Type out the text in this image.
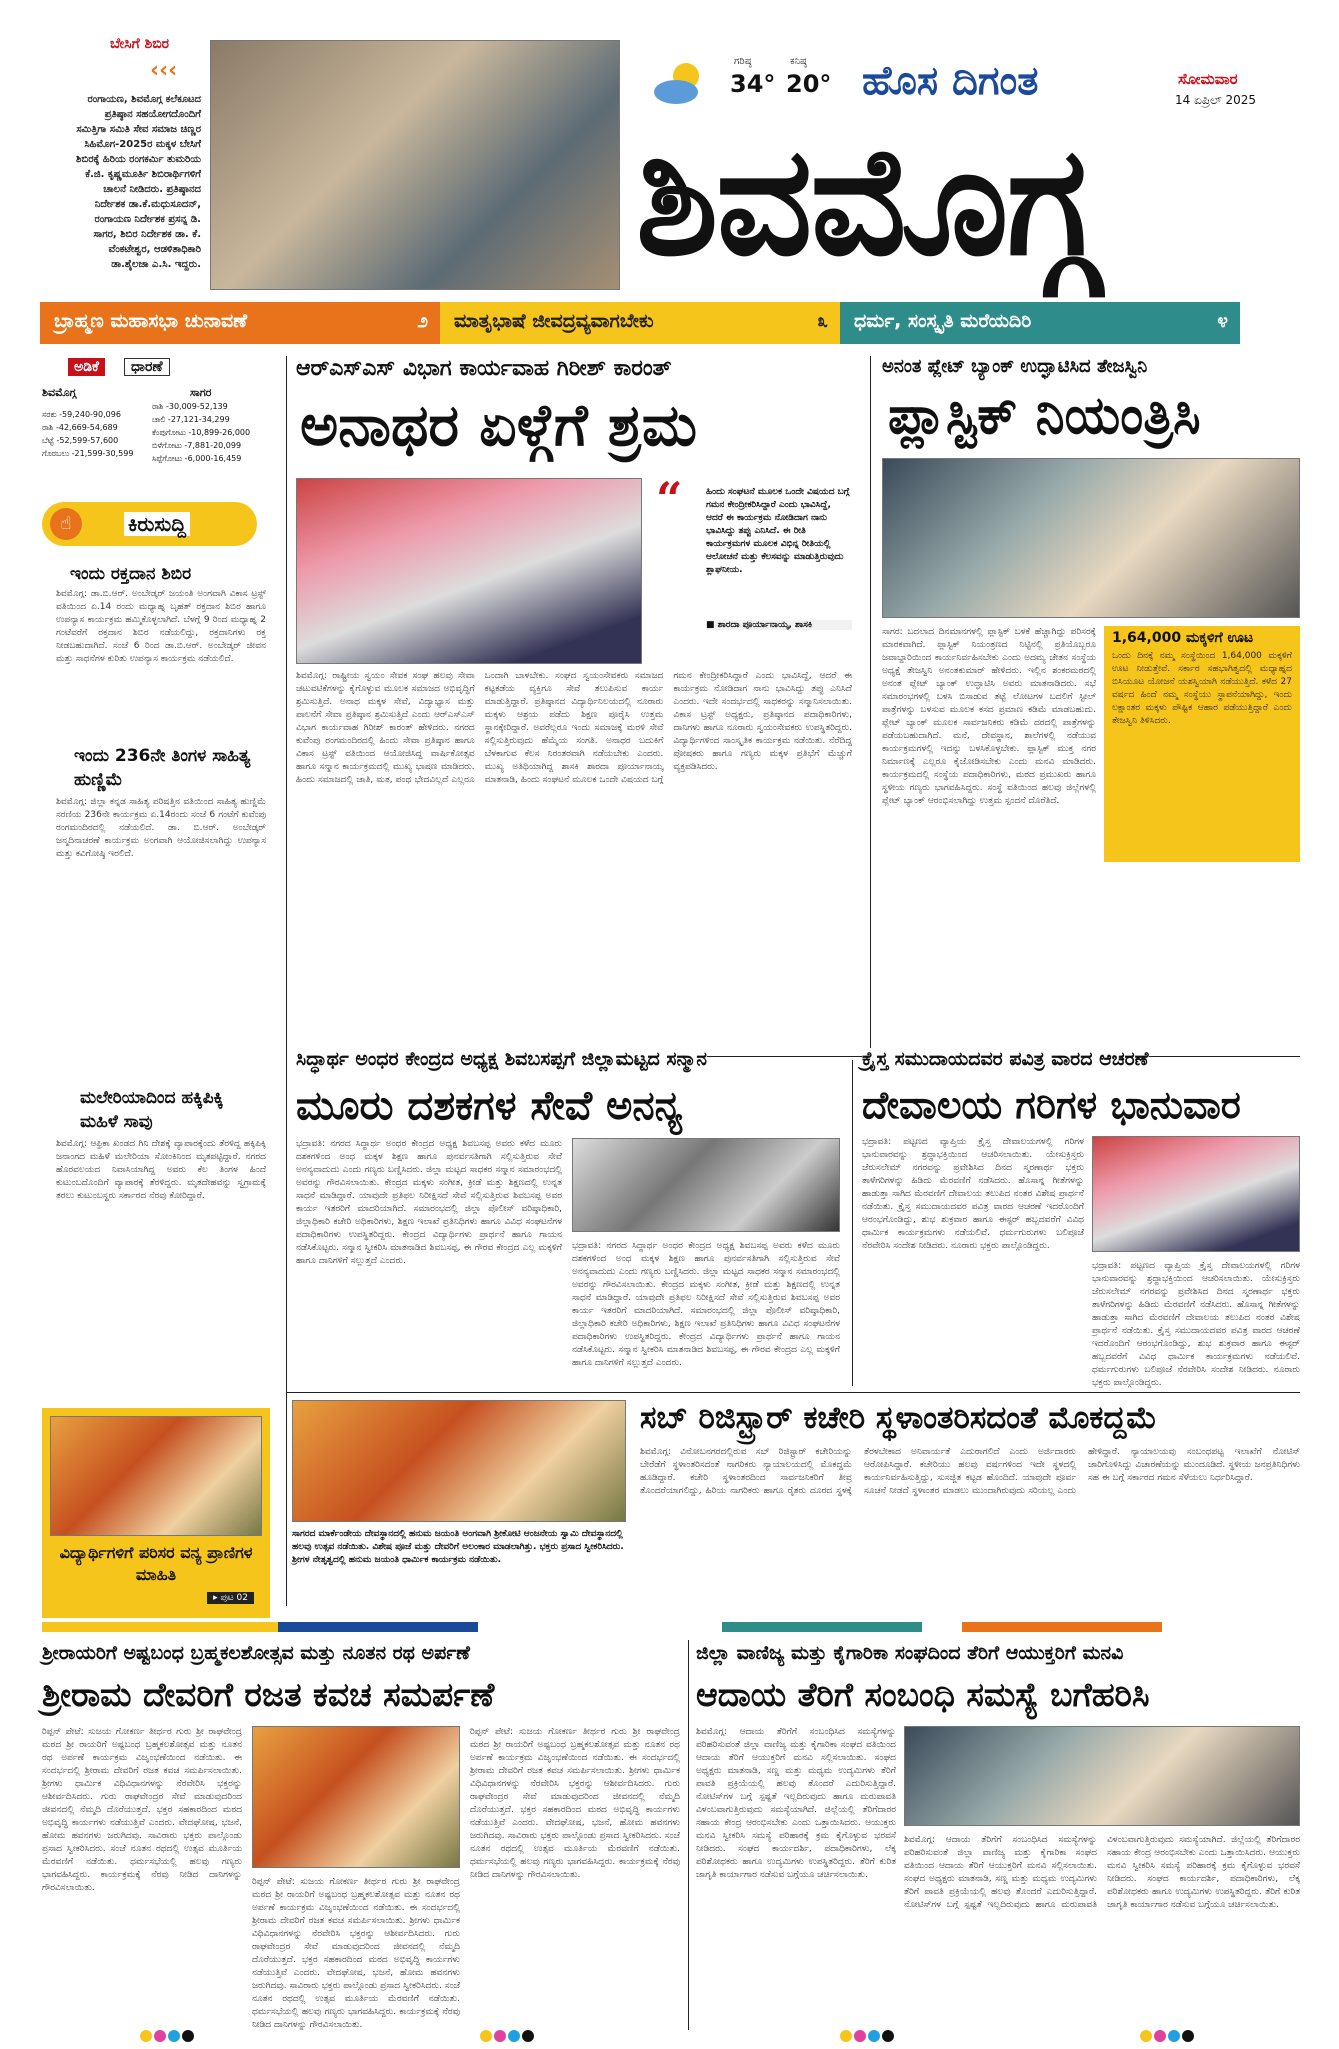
ಬೇಸಿಗೆ ಶಿಬಿರ
‹‹‹
ರಂಗಾಯಣ, ಶಿವಮೊಗ್ಗ ಕಲೆಕೂಟದ ಪ್ರತಿಷ್ಠಾನ ಸಹಯೋಗದೊಂದಿಗೆ ಸಮಿತ್ತಿಗಾ ಸಮಿತಿ ಸೇವ ಸಮಾಜ ಚಿಣ್ಣರ ಸಿಹಿಮೊಗ-2025ರ ಮಕ್ಕಳ ಬೇಸಿಗೆ ಶಿಬಿರಕ್ಕೆ ಹಿರಿಯ ರಂಗಕರ್ಮಿ ತುಮರಿಯ ಕೆ.ಜಿ. ಕೃಷ್ಣಮೂರ್ತಿ ಶಿಬಿರಾರ್ಥಿಗಳಿಗೆ ಚಾಲನೆ ನೀಡಿದರು. ಪ್ರತಿಷ್ಠಾನದ ನಿರ್ದೇಶಕ ಡಾ.ಕೆ.ಮಧುಸೂದನ್, ರಂಗಾಯಣ ನಿರ್ದೇಶಕ ಪ್ರಸನ್ನ ಡಿ. ಸಾಗರ, ಶಿಬಿರ ನಿರ್ದೇಶಕ ಡಾ. ಕೆ. ವೆಂಕಟೇಶ್ವರ, ಆಡಳಿತಾಧಿಕಾರಿ ಡಾ.ಶೈಲಜಾ ಎ.ಸಿ. ಇದ್ದರು.
ಗರಿಷ್ಠ
34°
ಕನಿಷ್ಠ
20° ಹೊಸ ದಿಗಂತ	ಸೋಮವಾರ
14 ಏಪ್ರಿಲ್ 2025
ಶಿವಮೊಗ್ಗ
ಬ್ರಾಹ್ಮಣ ಮಹಾಸಭಾ ಚುನಾವಣೆ	೨ ಮಾತೃಭಾಷೆ ಜೀವದ್ರವ್ಯವಾಗಬೇಕು	೩ ಧರ್ಮ, ಸಂಸ್ಕೃತಿ ಮರೆಯದಿರಿ	೪
ಅಡಿಕೆ	ಧಾರಣೆ
ಶಿವಮೊಗ್ಗ	ಸಾಗರ
ಸರಕು -59,240-90,096
ರಾಶಿ -42,669-54,689
ಬೆಟ್ಟೆ -52,599-57,600
ಗೊರಬಲು -21,599-30,599
ರಾಶಿ -30,009-52,139
ಚಾಲಿ -27,121-34,299
ಕೆಂಪುಗೋಟು -10,899-26,000
ಬಿಳೆಗೋಟು -7,881-20,099
ಸಿಪ್ಪೆಗೋಟು -6,000-16,459
☝	ಕಿರುಸುದ್ದಿ
ಇಂದು ರಕ್ತದಾನ ಶಿಬಿರ
ಶಿವಮೊಗ್ಗ: ಡಾ.ಬಿ.ಆರ್. ಅಂಬೇಡ್ಕರ್ ಜಯಂತಿ ಅಂಗವಾಗಿ ವಿಕಾಸ ಟ್ರಸ್ಟ್ ವತಿಯಿಂದ ಏ.14 ರಂದು ಮಧ್ಯಾಹ್ನ ಬೃಹತ್ ರಕ್ತದಾನ ಶಿಬಿರ ಹಾಗೂ ಉಪನ್ಯಾಸ ಕಾರ್ಯಕ್ರಮ ಹಮ್ಮಿಕೊಳ್ಳಲಾಗಿದೆ. ಬೆಳಗ್ಗೆ 9 ರಿಂದ ಮಧ್ಯಾಹ್ನ 2 ಗಂಟೆವರೆಗೆ ರಕ್ತದಾನ ಶಿಬಿರ ನಡೆಯಲಿದ್ದು, ರಕ್ತದಾನಿಗಳು ರಕ್ತ ನೀಡಬಹುದಾಗಿದೆ. ಸಂಜೆ 6 ರಿಂದ ಡಾ.ಬಿ.ಆರ್. ಅಂಬೇಡ್ಕರ್ ಜೀವನ ಮತ್ತು ಸಾಧನೆಗಳ ಕುರಿತು ಉಪನ್ಯಾಸ ಕಾರ್ಯಕ್ರಮ ನಡೆಯಲಿದೆ.
ಇಂದು 236ನೇ ತಿಂಗಳ ಸಾಹಿತ್ಯ ಹುಣ್ಣಿಮೆ
ಶಿವಮೊಗ್ಗ: ಜಿಲ್ಲಾ ಕನ್ನಡ ಸಾಹಿತ್ಯ ಪರಿಷತ್ತಿನ ವತಿಯಿಂದ ಸಾಹಿತ್ಯ ಹುಣ್ಣಿಮೆ ಸರಣಿಯ 236ನೇ ಕಾರ್ಯಕ್ರಮ ಏ.14ರಂದು ಸಂಜೆ 6 ಗಂಟೆಗೆ ಕುವೆಂಪು ರಂಗಮಂದಿರದಲ್ಲಿ ನಡೆಯಲಿದೆ. ಡಾ. ಬಿ.ಆರ್. ಅಂಬೇಡ್ಕರ್ ಜನ್ಮದಿನಾಚರಣೆ ಕಾರ್ಯಕ್ರಮ ಅಂಗವಾಗಿ ಆಯೋಜಿಸಲಾಗಿದ್ದು ಉಪನ್ಯಾಸ ಮತ್ತು ಕವಿಗೋಷ್ಠಿ ಇರಲಿದೆ.
ಮಲೇರಿಯಾದಿಂದ ಹಕ್ಕಿಪಿಕ್ಕಿ ಮಹಿಳೆ ಸಾವು
ಶಿವಮೊಗ್ಗ: ಆಫ್ರಿಕಾ ಖಂಡದ ಗಿನಿ ದೇಶಕ್ಕೆ ವ್ಯಾಪಾರಕ್ಕೆಂದು ತೆರಳಿದ್ದ ಹಕ್ಕಿಪಿಕ್ಕಿ ಜನಾಂಗದ ಮಹಿಳೆ ಮಲೇರಿಯಾ ಸೋಂಕಿನಿಂದ ಮೃತಪಟ್ಟಿದ್ದಾರೆ. ನಗರದ ಹೊರವಲಯದ ನಿವಾಸಿಯಾಗಿದ್ದ ಅವರು ಕೆಲ ತಿಂಗಳ ಹಿಂದೆ ಕುಟುಂಬದೊಂದಿಗೆ ವ್ಯಾಪಾರಕ್ಕೆ ತೆರಳಿದ್ದರು. ಮೃತದೇಹವನ್ನು ಸ್ವಗ್ರಾಮಕ್ಕೆ ತರಲು ಕುಟುಂಬಸ್ಥರು ಸರ್ಕಾರದ ನೆರವು ಕೋರಿದ್ದಾರೆ.
ವಿದ್ಯಾರ್ಥಿಗಳಿಗೆ ಪರಿಸರ ವನ್ಯ ಪ್ರಾಣಿಗಳ ಮಾಹಿತಿ
▸ ಪುಟ 02
ಆರ್‌ಎಸ್‌ಎಸ್ ವಿಭಾಗ ಕಾರ್ಯವಾಹ ಗಿರೀಶ್ ಕಾರಂತ್
ಅನಾಥರ ಏಳ್ಗೆಗೆ ಶ್ರಮ
“	ಹಿಂದು ಸಂಘಟನೆ ಮೂಲಕ ಒಂದೇ ವಿಷಯದ ಬಗ್ಗೆ ಗಮನ ಕೇಂದ್ರೀಕರಿಸಿದ್ದಾರೆ ಎಂದು ಭಾವಿಸಿದ್ದೆ, ಆದರೆ ಈ ಕಾರ್ಯಕ್ರಮ ನೋಡಿದಾಗ ನಾನು ಭಾವಿಸಿದ್ದು ತಪ್ಪು ಎನಿಸಿದೆ. ಈ ರೀತಿ ಕಾರ್ಯಕ್ರಮಗಳ ಮೂಲಕ ವಿಭಿನ್ನ ರೀತಿಯಲ್ಲಿ ಆಲೋಚನೆ ಮತ್ತು ಕೆಲಸವನ್ನು ಮಾಡುತ್ತಿರುವುದು ಶ್ಲಾಘನೀಯ.
■ ಶಾರದಾ ಪೂರ್ಯಾನಾಯ್ಕ, ಶಾಸಕಿ
ಶಿವಮೊಗ್ಗ: ರಾಷ್ಟ್ರೀಯ ಸ್ವಯಂ ಸೇವಕ ಸಂಘ ಹಲವು ಸೇವಾ ಚಟುವಟಿಕೆಗಳನ್ನು ಕೈಗೊಳ್ಳುವ ಮೂಲಕ ಸಮಾಜದ ಅಭಿವೃದ್ಧಿಗೆ ಶ್ರಮಿಸುತ್ತಿದೆ. ಅನಾಥ ಮಕ್ಕಳ ಸೇವೆ, ವಿದ್ಯಾಭ್ಯಾಸ ಮತ್ತು ಪಾಲನೆಗೆ ಸೇವಾ ಪ್ರತಿಷ್ಠಾನ ಶ್ರಮಿಸುತ್ತಿದೆ ಎಂದು ಆರ್‌ಎಸ್‌ಎಸ್ ವಿಭಾಗ ಕಾರ್ಯವಾಹ ಗಿರೀಶ್ ಕಾರಂತ್ ಹೇಳಿದರು. ನಗರದ ಕುವೆಂಪು ರಂಗಮಂದಿರದಲ್ಲಿ ಹಿಂದು ಸೇವಾ ಪ್ರತಿಷ್ಠಾನ ಹಾಗೂ ವಿಕಾಸ ಟ್ರಸ್ಟ್ ವತಿಯಿಂದ ಆಯೋಜಿಸಿದ್ದ ವಾರ್ಷಿಕೋತ್ಸವ ಹಾಗೂ ಸನ್ಮಾನ ಕಾರ್ಯಕ್ರಮದಲ್ಲಿ ಮುಖ್ಯ ಭಾಷಣ ಮಾಡಿದರು. ಹಿಂದು ಸಮಾಜದಲ್ಲಿ ಜಾತಿ, ಮತ, ಪಂಥ ಭೇದವಿಲ್ಲದೆ ಎಲ್ಲರೂ ಒಂದಾಗಿ ಬಾಳಬೇಕು. ಸಂಘದ ಸ್ವಯಂಸೇವಕರು ಸಮಾಜದ ಕಟ್ಟಕಡೆಯ ವ್ಯಕ್ತಿಗೂ ಸೇವೆ ತಲುಪಿಸುವ ಕಾರ್ಯ ಮಾಡುತ್ತಿದ್ದಾರೆ. ಪ್ರತಿಷ್ಠಾನದ ವಿದ್ಯಾರ್ಥಿನಿಲಯದಲ್ಲಿ ನೂರಾರು ಮಕ್ಕಳು ಆಶ್ರಯ ಪಡೆದು ಶಿಕ್ಷಣ ಪೂರೈಸಿ ಉತ್ತಮ ಸ್ಥಾನಕ್ಕೇರಿದ್ದಾರೆ. ಅವರೆಲ್ಲರೂ ಇಂದು ಸಮಾಜಕ್ಕೆ ಮರಳಿ ಸೇವೆ ಸಲ್ಲಿಸುತ್ತಿರುವುದು ಹೆಮ್ಮೆಯ ಸಂಗತಿ. ಅನಾಥರ ಬದುಕಿಗೆ ಬೆಳಕಾಗುವ ಕೆಲಸ ನಿರಂತರವಾಗಿ ನಡೆಯಬೇಕು ಎಂದರು. ಮುಖ್ಯ ಅತಿಥಿಯಾಗಿದ್ದ ಶಾಸಕಿ ಶಾರದಾ ಪೂರ್ಯಾನಾಯ್ಕ ಮಾತನಾಡಿ, ಹಿಂದು ಸಂಘಟನೆ ಮೂಲಕ ಒಂದೇ ವಿಷಯದ ಬಗ್ಗೆ ಗಮನ ಕೇಂದ್ರೀಕರಿಸಿದ್ದಾರೆ ಎಂದು ಭಾವಿಸಿದ್ದೆ, ಆದರೆ ಈ ಕಾರ್ಯಕ್ರಮ ನೋಡಿದಾಗ ನಾನು ಭಾವಿಸಿದ್ದು ತಪ್ಪು ಎನಿಸಿದೆ ಎಂದರು. ಇದೇ ಸಂದರ್ಭದಲ್ಲಿ ಸಾಧಕರನ್ನು ಸನ್ಮಾನಿಸಲಾಯಿತು. ವಿಕಾಸ ಟ್ರಸ್ಟ್ ಅಧ್ಯಕ್ಷರು, ಪ್ರತಿಷ್ಠಾನದ ಪದಾಧಿಕಾರಿಗಳು, ದಾನಿಗಳು ಹಾಗೂ ನೂರಾರು ಸ್ವಯಂಸೇವಕರು ಉಪಸ್ಥಿತರಿದ್ದರು. ವಿದ್ಯಾರ್ಥಿಗಳಿಂದ ಸಾಂಸ್ಕೃತಿಕ ಕಾರ್ಯಕ್ರಮ ನಡೆಯಿತು. ನೆರೆದಿದ್ದ ಪೋಷಕರು ಹಾಗೂ ಗಣ್ಯರು ಮಕ್ಕಳ ಪ್ರತಿಭೆಗೆ ಮೆಚ್ಚುಗೆ ವ್ಯಕ್ತಪಡಿಸಿದರು.
ಅನಂತ ಪ್ಲೇಟ್ ಬ್ಯಾಂಕ್ ಉದ್ಘಾಟಿಸಿದ ತೇಜಸ್ವಿನಿ
ಪ್ಲಾಸ್ಟಿಕ್ ನಿಯಂತ್ರಿಸಿ
1,64,000 ಮಕ್ಕಳಿಗೆ ಊಟ
ಒಂದು ದಿನಕ್ಕೆ ನಮ್ಮ ಸಂಸ್ಥೆಯಿಂದ 1,64,000 ಮಕ್ಕಳಿಗೆ ಊಟ ನೀಡುತ್ತೇವೆ. ಸರ್ಕಾರ ಸಹಭಾಗಿತ್ವದಲ್ಲಿ ಮಧ್ಯಾಹ್ನದ ಬಿಸಿಯೂಟ ಯೋಜನೆ ಯಶಸ್ವಿಯಾಗಿ ನಡೆಯುತ್ತಿದೆ. ಕಳೆದ 27 ವರ್ಷದ ಹಿಂದೆ ನಮ್ಮ ಸಂಸ್ಥೆಯು ಸ್ಥಾಪನೆಯಾಗಿದ್ದು, ಇಂದು ಲಕ್ಷಾಂತರ ಮಕ್ಕಳು ಪೌಷ್ಟಿಕ ಆಹಾರ ಪಡೆಯುತ್ತಿದ್ದಾರೆ ಎಂದು ತೇಜಸ್ವಿನಿ ತಿಳಿಸಿದರು.
ಸಾಗರ: ಬದಲಾದ ದಿನಮಾನಗಳಲ್ಲಿ ಪ್ಲಾಸ್ಟಿಕ್ ಬಳಕೆ ಹೆಚ್ಚಾಗಿದ್ದು ಪರಿಸರಕ್ಕೆ ಮಾರಕವಾಗಿದೆ. ಪ್ಲಾಸ್ಟಿಕ್ ನಿಯಂತ್ರಣದ ನಿಟ್ಟಿನಲ್ಲಿ ಪ್ರತಿಯೊಬ್ಬರೂ ಜವಾಬ್ದಾರಿಯಿಂದ ಕಾರ್ಯನಿರ್ವಹಿಸಬೇಕು ಎಂದು ಅದಮ್ಯ ಚೇತನ ಸಂಸ್ಥೆಯ ಅಧ್ಯಕ್ಷೆ ತೇಜಸ್ವಿನಿ ಅನಂತಕುಮಾರ್ ಹೇಳಿದರು. ಇಲ್ಲಿನ ಶಂಕರಮಠದಲ್ಲಿ ಅನಂತ ಪ್ಲೇಟ್ ಬ್ಯಾಂಕ್ ಉದ್ಘಾಟಿಸಿ ಅವರು ಮಾತನಾಡಿದರು. ಸಭೆ ಸಮಾರಂಭಗಳಲ್ಲಿ ಬಳಸಿ ಬಿಸಾಡುವ ತಟ್ಟೆ ಲೋಟಗಳ ಬದಲಿಗೆ ಸ್ಟೀಲ್ ಪಾತ್ರೆಗಳನ್ನು ಬಳಸುವ ಮೂಲಕ ಕಸದ ಪ್ರಮಾಣ ಕಡಿಮೆ ಮಾಡಬಹುದು. ಪ್ಲೇಟ್ ಬ್ಯಾಂಕ್ ಮೂಲಕ ಸಾರ್ವಜನಿಕರು ಕಡಿಮೆ ದರದಲ್ಲಿ ಪಾತ್ರೆಗಳನ್ನು ಪಡೆಯಬಹುದಾಗಿದೆ. ಮನೆ, ದೇವಸ್ಥಾನ, ಶಾಲೆಗಳಲ್ಲಿ ನಡೆಯುವ ಕಾರ್ಯಕ್ರಮಗಳಲ್ಲಿ ಇದನ್ನು ಬಳಸಿಕೊಳ್ಳಬೇಕು. ಪ್ಲಾಸ್ಟಿಕ್ ಮುಕ್ತ ನಗರ ನಿರ್ಮಾಣಕ್ಕೆ ಎಲ್ಲರೂ ಕೈಜೋಡಿಸಬೇಕು ಎಂದು ಮನವಿ ಮಾಡಿದರು. ಕಾರ್ಯಕ್ರಮದಲ್ಲಿ ಸಂಸ್ಥೆಯ ಪದಾಧಿಕಾರಿಗಳು, ಮಠದ ಪ್ರಮುಖರು ಹಾಗೂ ಸ್ಥಳೀಯ ಗಣ್ಯರು ಭಾಗವಹಿಸಿದ್ದರು. ಸಂಸ್ಥೆ ವತಿಯಿಂದ ಹಲವು ಜಿಲ್ಲೆಗಳಲ್ಲಿ ಪ್ಲೇಟ್ ಬ್ಯಾಂಕ್ ಆರಂಭಿಸಲಾಗಿದ್ದು ಉತ್ತಮ ಸ್ಪಂದನೆ ದೊರೆತಿದೆ.
ಸಿದ್ಧಾರ್ಥ ಅಂಧರ ಕೇಂದ್ರದ ಅಧ್ಯಕ್ಷ ಶಿವಬಸಪ್ಪಗೆ ಜಿಲ್ಲಾಮಟ್ಟದ ಸನ್ಮಾನ
ಮೂರು ದಶಕಗಳ ಸೇವೆ ಅನನ್ಯ
ಭದ್ರಾವತಿ: ನಗರದ ಸಿದ್ಧಾರ್ಥ ಅಂಧರ ಕೇಂದ್ರದ ಅಧ್ಯಕ್ಷ ಶಿವಬಸಪ್ಪ ಅವರು ಕಳೆದ ಮೂರು ದಶಕಗಳಿಂದ ಅಂಧ ಮಕ್ಕಳ ಶಿಕ್ಷಣ ಹಾಗೂ ಪುನರ್ವಸತಿಗಾಗಿ ಸಲ್ಲಿಸುತ್ತಿರುವ ಸೇವೆ ಅನನ್ಯವಾದುದು ಎಂದು ಗಣ್ಯರು ಬಣ್ಣಿಸಿದರು. ಜಿಲ್ಲಾ ಮಟ್ಟದ ಸಾಧಕರ ಸನ್ಮಾನ ಸಮಾರಂಭದಲ್ಲಿ ಅವರನ್ನು ಗೌರವಿಸಲಾಯಿತು. ಕೇಂದ್ರದ ಮಕ್ಕಳು ಸಂಗೀತ, ಕ್ರೀಡೆ ಮತ್ತು ಶಿಕ್ಷಣದಲ್ಲಿ ಉನ್ನತ ಸಾಧನೆ ಮಾಡಿದ್ದಾರೆ. ಯಾವುದೇ ಪ್ರತಿಫಲ ನಿರೀಕ್ಷಿಸದೆ ಸೇವೆ ಸಲ್ಲಿಸುತ್ತಿರುವ ಶಿವಬಸಪ್ಪ ಅವರ ಕಾರ್ಯ ಇತರರಿಗೆ ಮಾದರಿಯಾಗಿದೆ. ಸಮಾರಂಭದಲ್ಲಿ ಜಿಲ್ಲಾ ಪೊಲೀಸ್ ವರಿಷ್ಠಾಧಿಕಾರಿ, ಜಿಲ್ಲಾಧಿಕಾರಿ ಕಚೇರಿ ಅಧಿಕಾರಿಗಳು, ಶಿಕ್ಷಣ ಇಲಾಖೆ ಪ್ರತಿನಿಧಿಗಳು ಹಾಗೂ ವಿವಿಧ ಸಂಘಟನೆಗಳ ಪದಾಧಿಕಾರಿಗಳು ಉಪಸ್ಥಿತರಿದ್ದರು. ಕೇಂದ್ರದ ವಿದ್ಯಾರ್ಥಿಗಳು ಪ್ರಾರ್ಥನೆ ಹಾಗೂ ಗಾಯನ ನಡೆಸಿಕೊಟ್ಟರು. ಸನ್ಮಾನ ಸ್ವೀಕರಿಸಿ ಮಾತನಾಡಿದ ಶಿವಬಸಪ್ಪ, ಈ ಗೌರವ ಕೇಂದ್ರದ ಎಲ್ಲ ಮಕ್ಕಳಿಗೆ ಹಾಗೂ ದಾನಿಗಳಿಗೆ ಸಲ್ಲುತ್ತದೆ ಎಂದರು.
ಭದ್ರಾವತಿ: ನಗರದ ಸಿದ್ಧಾರ್ಥ ಅಂಧರ ಕೇಂದ್ರದ ಅಧ್ಯಕ್ಷ ಶಿವಬಸಪ್ಪ ಅವರು ಕಳೆದ ಮೂರು ದಶಕಗಳಿಂದ ಅಂಧ ಮಕ್ಕಳ ಶಿಕ್ಷಣ ಹಾಗೂ ಪುನರ್ವಸತಿಗಾಗಿ ಸಲ್ಲಿಸುತ್ತಿರುವ ಸೇವೆ ಅನನ್ಯವಾದುದು ಎಂದು ಗಣ್ಯರು ಬಣ್ಣಿಸಿದರು. ಜಿಲ್ಲಾ ಮಟ್ಟದ ಸಾಧಕರ ಸನ್ಮಾನ ಸಮಾರಂಭದಲ್ಲಿ ಅವರನ್ನು ಗೌರವಿಸಲಾಯಿತು. ಕೇಂದ್ರದ ಮಕ್ಕಳು ಸಂಗೀತ, ಕ್ರೀಡೆ ಮತ್ತು ಶಿಕ್ಷಣದಲ್ಲಿ ಉನ್ನತ ಸಾಧನೆ ಮಾಡಿದ್ದಾರೆ. ಯಾವುದೇ ಪ್ರತಿಫಲ ನಿರೀಕ್ಷಿಸದೆ ಸೇವೆ ಸಲ್ಲಿಸುತ್ತಿರುವ ಶಿವಬಸಪ್ಪ ಅವರ ಕಾರ್ಯ ಇತರರಿಗೆ ಮಾದರಿಯಾಗಿದೆ. ಸಮಾರಂಭದಲ್ಲಿ ಜಿಲ್ಲಾ ಪೊಲೀಸ್ ವರಿಷ್ಠಾಧಿಕಾರಿ, ಜಿಲ್ಲಾಧಿಕಾರಿ ಕಚೇರಿ ಅಧಿಕಾರಿಗಳು, ಶಿಕ್ಷಣ ಇಲಾಖೆ ಪ್ರತಿನಿಧಿಗಳು ಹಾಗೂ ವಿವಿಧ ಸಂಘಟನೆಗಳ ಪದಾಧಿಕಾರಿಗಳು ಉಪಸ್ಥಿತರಿದ್ದರು. ಕೇಂದ್ರದ ವಿದ್ಯಾರ್ಥಿಗಳು ಪ್ರಾರ್ಥನೆ ಹಾಗೂ ಗಾಯನ ನಡೆಸಿಕೊಟ್ಟರು. ಸನ್ಮಾನ ಸ್ವೀಕರಿಸಿ ಮಾತನಾಡಿದ ಶಿವಬಸಪ್ಪ, ಈ ಗೌರವ ಕೇಂದ್ರದ ಎಲ್ಲ ಮಕ್ಕಳಿಗೆ ಹಾಗೂ ದಾನಿಗಳಿಗೆ ಸಲ್ಲುತ್ತದೆ ಎಂದರು.
ಕ್ರೈಸ್ತ ಸಮುದಾಯದವರ ಪವಿತ್ರ ವಾರದ ಆಚರಣೆ
ದೇವಾಲಯ ಗರಿಗಳ ಭಾನುವಾರ
ಭದ್ರಾವತಿ: ಪಟ್ಟಣದ ವ್ಯಾಪ್ತಿಯ ಕ್ರೈಸ್ತ ದೇವಾಲಯಗಳಲ್ಲಿ ಗರಿಗಳ ಭಾನುವಾರವನ್ನು ಶ್ರದ್ಧಾಭಕ್ತಿಯಿಂದ ಆಚರಿಸಲಾಯಿತು. ಯೇಸುಕ್ರಿಸ್ತರು ಜೆರುಸಲೇಮ್ ನಗರವನ್ನು ಪ್ರವೇಶಿಸಿದ ದಿನದ ಸ್ಮರಣಾರ್ಥ ಭಕ್ತರು ತಾಳೆಗರಿಗಳನ್ನು ಹಿಡಿದು ಮೆರವಣಿಗೆ ನಡೆಸಿದರು. ಹೊಸಾನ್ನ ಗೀತೆಗಳನ್ನು ಹಾಡುತ್ತಾ ಸಾಗಿದ ಮೆರವಣಿಗೆ ದೇವಾಲಯ ತಲುಪಿದ ನಂತರ ವಿಶೇಷ ಪ್ರಾರ್ಥನೆ ನಡೆಯಿತು. ಕ್ರೈಸ್ತ ಸಮುದಾಯದವರ ಪವಿತ್ರ ವಾರದ ಆಚರಣೆ ಇದರೊಂದಿಗೆ ಆರಂಭಗೊಂಡಿದ್ದು, ಶುಭ ಶುಕ್ರವಾರ ಹಾಗೂ ಈಸ್ಟರ್ ಹಬ್ಬದವರೆಗೆ ವಿವಿಧ ಧಾರ್ಮಿಕ ಕಾರ್ಯಕ್ರಮಗಳು ನಡೆಯಲಿವೆ. ಧರ್ಮಗುರುಗಳು ಬಲಿಪೂಜೆ ನೆರವೇರಿಸಿ ಸಂದೇಶ ನೀಡಿದರು. ನೂರಾರು ಭಕ್ತರು ಪಾಲ್ಗೊಂಡಿದ್ದರು.
ಭದ್ರಾವತಿ: ಪಟ್ಟಣದ ವ್ಯಾಪ್ತಿಯ ಕ್ರೈಸ್ತ ದೇವಾಲಯಗಳಲ್ಲಿ ಗರಿಗಳ ಭಾನುವಾರವನ್ನು ಶ್ರದ್ಧಾಭಕ್ತಿಯಿಂದ ಆಚರಿಸಲಾಯಿತು. ಯೇಸುಕ್ರಿಸ್ತರು ಜೆರುಸಲೇಮ್ ನಗರವನ್ನು ಪ್ರವೇಶಿಸಿದ ದಿನದ ಸ್ಮರಣಾರ್ಥ ಭಕ್ತರು ತಾಳೆಗರಿಗಳನ್ನು ಹಿಡಿದು ಮೆರವಣಿಗೆ ನಡೆಸಿದರು. ಹೊಸಾನ್ನ ಗೀತೆಗಳನ್ನು ಹಾಡುತ್ತಾ ಸಾಗಿದ ಮೆರವಣಿಗೆ ದೇವಾಲಯ ತಲುಪಿದ ನಂತರ ವಿಶೇಷ ಪ್ರಾರ್ಥನೆ ನಡೆಯಿತು. ಕ್ರೈಸ್ತ ಸಮುದಾಯದವರ ಪವಿತ್ರ ವಾರದ ಆಚರಣೆ ಇದರೊಂದಿಗೆ ಆರಂಭಗೊಂಡಿದ್ದು, ಶುಭ ಶುಕ್ರವಾರ ಹಾಗೂ ಈಸ್ಟರ್ ಹಬ್ಬದವರೆಗೆ ವಿವಿಧ ಧಾರ್ಮಿಕ ಕಾರ್ಯಕ್ರಮಗಳು ನಡೆಯಲಿವೆ. ಧರ್ಮಗುರುಗಳು ಬಲಿಪೂಜೆ ನೆರವೇರಿಸಿ ಸಂದೇಶ ನೀಡಿದರು. ನೂರಾರು ಭಕ್ತರು ಪಾಲ್ಗೊಂಡಿದ್ದರು.
ಸಾಗರದ ಮಾರ್ಕೆಂಡೇಯ ದೇವಸ್ಥಾನದಲ್ಲಿ ಹನುಮ ಜಯಂತಿ ಅಂಗವಾಗಿ ಶ್ರೀಕೋಟಿ ಆಂಜನೇಯ ಸ್ವಾಮಿ ದೇವಸ್ಥಾನದಲ್ಲಿ ಹಲವು ಉತ್ಸವ ನಡೆಯಿತು. ವಿಶೇಷ ಪೂಜೆ ಮತ್ತು ದೇವರಿಗೆ ಅಲಂಕಾರ ಮಾಡಲಾಗಿತ್ತು. ಭಕ್ತರು ಪ್ರಸಾದ ಸ್ವೀಕರಿಸಿದರು. ಶ್ರೀಗಳ ನೇತೃತ್ವದಲ್ಲಿ ಹನುಮ ಜಯಂತಿ ಧಾರ್ಮಿಕ ಕಾರ್ಯಕ್ರಮ ನಡೆಯಿತು.
ಸಬ್ ರಿಜಿಸ್ಟ್ರಾರ್ ಕಚೇರಿ ಸ್ಥಳಾಂತರಿಸದಂತೆ ಮೊಕದ್ದಮೆ
ಶಿವಮೊಗ್ಗ: ವಿನೋಬನಗರದಲ್ಲಿರುವ ಸಬ್ ರಿಜಿಸ್ಟ್ರಾರ್ ಕಚೇರಿಯನ್ನು ಬೇರೆಡೆಗೆ ಸ್ಥಳಾಂತರಿಸದಂತೆ ನಾಗರಿಕರು ನ್ಯಾಯಾಲಯದಲ್ಲಿ ಮೊಕದ್ದಮೆ ಹೂಡಿದ್ದಾರೆ. ಕಚೇರಿ ಸ್ಥಳಾಂತರದಿಂದ ಸಾರ್ವಜನಿಕರಿಗೆ ತೀವ್ರ ತೊಂದರೆಯಾಗಲಿದ್ದು, ಹಿರಿಯ ನಾಗರಿಕರು ಹಾಗೂ ರೈತರು ದೂರದ ಸ್ಥಳಕ್ಕೆ ತೆರಳಬೇಕಾದ ಅನಿವಾರ್ಯತೆ ಎದುರಾಗಲಿದೆ ಎಂದು ಅರ್ಜಿದಾರರು ಆರೋಪಿಸಿದ್ದಾರೆ. ಕಚೇರಿಯು ಹಲವು ವರ್ಷಗಳಿಂದ ಇದೇ ಸ್ಥಳದಲ್ಲಿ ಕಾರ್ಯನಿರ್ವಹಿಸುತ್ತಿದ್ದು, ಸುಸಜ್ಜಿತ ಕಟ್ಟಡ ಹೊಂದಿದೆ. ಯಾವುದೇ ಪೂರ್ವ ಸೂಚನೆ ನೀಡದೆ ಸ್ಥಳಾಂತರ ಮಾಡಲು ಮುಂದಾಗಿರುವುದು ಸರಿಯಲ್ಲ ಎಂದು ಹೇಳಿದ್ದಾರೆ. ನ್ಯಾಯಾಲಯವು ಸಂಬಂಧಪಟ್ಟ ಇಲಾಖೆಗೆ ನೋಟಿಸ್ ಜಾರಿಗೊಳಿಸಿದ್ದು ವಿಚಾರಣೆಯನ್ನು ಮುಂದೂಡಿದೆ. ಸ್ಥಳೀಯ ಜನಪ್ರತಿನಿಧಿಗಳು ಸಹ ಈ ಬಗ್ಗೆ ಸರ್ಕಾರದ ಗಮನ ಸೆಳೆಯಲು ನಿರ್ಧರಿಸಿದ್ದಾರೆ.
ಶ್ರೀರಾಯರಿಗೆ ಅಷ್ಟಬಂಧ ಬ್ರಹ್ಮಕಲಶೋತ್ಸವ ಮತ್ತು ನೂತನ ರಥ ಅರ್ಪಣೆ
ಶ್ರೀರಾಮ ದೇವರಿಗೆ ರಜತ ಕವಚ ಸಮರ್ಪಣೆ
ರಿಪ್ಪನ್ ಪೇಟೆ: ಸುಜಯ ಗೋಕರ್ಣ ತೀರ್ಥರ ಗುರು ಶ್ರೀ ರಾಘವೇಂದ್ರ ಮಠದ ಶ್ರೀ ರಾಯರಿಗೆ ಅಷ್ಟಬಂಧ ಬ್ರಹ್ಮಕಲಶೋತ್ಸವ ಮತ್ತು ನೂತನ ರಥ ಅರ್ಪಣೆ ಕಾರ್ಯಕ್ರಮ ವಿಜೃಂಭಣೆಯಿಂದ ನಡೆಯಿತು. ಈ ಸಂದರ್ಭದಲ್ಲಿ ಶ್ರೀರಾಮ ದೇವರಿಗೆ ರಜತ ಕವಚ ಸಮರ್ಪಿಸಲಾಯಿತು. ಶ್ರೀಗಳು ಧಾರ್ಮಿಕ ವಿಧಿವಿಧಾನಗಳನ್ನು ನೆರವೇರಿಸಿ ಭಕ್ತರನ್ನು ಆಶೀರ್ವದಿಸಿದರು. ಗುರು ರಾಘವೇಂದ್ರರ ಸೇವೆ ಮಾಡುವುದರಿಂದ ಜೀವನದಲ್ಲಿ ನೆಮ್ಮದಿ ದೊರೆಯುತ್ತದೆ. ಭಕ್ತರ ಸಹಕಾರದಿಂದ ಮಠದ ಅಭಿವೃದ್ಧಿ ಕಾರ್ಯಗಳು ನಡೆಯುತ್ತಿವೆ ಎಂದರು. ವೇದಘೋಷ, ಭಜನೆ, ಹೋಮ ಹವನಗಳು ಜರುಗಿದವು. ಸಾವಿರಾರು ಭಕ್ತರು ಪಾಲ್ಗೊಂಡು ಪ್ರಸಾದ ಸ್ವೀಕರಿಸಿದರು. ಸಂಜೆ ನೂತನ ರಥದಲ್ಲಿ ಉತ್ಸವ ಮೂರ್ತಿಯ ಮೆರವಣಿಗೆ ನಡೆಯಿತು. ಧರ್ಮಸಭೆಯಲ್ಲಿ ಹಲವು ಗಣ್ಯರು ಭಾಗವಹಿಸಿದ್ದರು. ಕಾರ್ಯಕ್ರಮಕ್ಕೆ ನೆರವು ನೀಡಿದ ದಾನಿಗಳನ್ನು ಗೌರವಿಸಲಾಯಿತು.
ರಿಪ್ಪನ್ ಪೇಟೆ: ಸುಜಯ ಗೋಕರ್ಣ ತೀರ್ಥರ ಗುರು ಶ್ರೀ ರಾಘವೇಂದ್ರ ಮಠದ ಶ್ರೀ ರಾಯರಿಗೆ ಅಷ್ಟಬಂಧ ಬ್ರಹ್ಮಕಲಶೋತ್ಸವ ಮತ್ತು ನೂತನ ರಥ ಅರ್ಪಣೆ ಕಾರ್ಯಕ್ರಮ ವಿಜೃಂಭಣೆಯಿಂದ ನಡೆಯಿತು. ಈ ಸಂದರ್ಭದಲ್ಲಿ ಶ್ರೀರಾಮ ದೇವರಿಗೆ ರಜತ ಕವಚ ಸಮರ್ಪಿಸಲಾಯಿತು. ಶ್ರೀಗಳು ಧಾರ್ಮಿಕ ವಿಧಿವಿಧಾನಗಳನ್ನು ನೆರವೇರಿಸಿ ಭಕ್ತರನ್ನು ಆಶೀರ್ವದಿಸಿದರು. ಗುರು ರಾಘವೇಂದ್ರರ ಸೇವೆ ಮಾಡುವುದರಿಂದ ಜೀವನದಲ್ಲಿ ನೆಮ್ಮದಿ ದೊರೆಯುತ್ತದೆ. ಭಕ್ತರ ಸಹಕಾರದಿಂದ ಮಠದ ಅಭಿವೃದ್ಧಿ ಕಾರ್ಯಗಳು ನಡೆಯುತ್ತಿವೆ ಎಂದರು. ವೇದಘೋಷ, ಭಜನೆ, ಹೋಮ ಹವನಗಳು ಜರುಗಿದವು. ಸಾವಿರಾರು ಭಕ್ತರು ಪಾಲ್ಗೊಂಡು ಪ್ರಸಾದ ಸ್ವೀಕರಿಸಿದರು. ಸಂಜೆ ನೂತನ ರಥದಲ್ಲಿ ಉತ್ಸವ ಮೂರ್ತಿಯ ಮೆರವಣಿಗೆ ನಡೆಯಿತು. ಧರ್ಮಸಭೆಯಲ್ಲಿ ಹಲವು ಗಣ್ಯರು ಭಾಗವಹಿಸಿದ್ದರು. ಕಾರ್ಯಕ್ರಮಕ್ಕೆ ನೆರವು ನೀಡಿದ ದಾನಿಗಳನ್ನು ಗೌರವಿಸಲಾಯಿತು.
ರಿಪ್ಪನ್ ಪೇಟೆ: ಸುಜಯ ಗೋಕರ್ಣ ತೀರ್ಥರ ಗುರು ಶ್ರೀ ರಾಘವೇಂದ್ರ ಮಠದ ಶ್ರೀ ರಾಯರಿಗೆ ಅಷ್ಟಬಂಧ ಬ್ರಹ್ಮಕಲಶೋತ್ಸವ ಮತ್ತು ನೂತನ ರಥ ಅರ್ಪಣೆ ಕಾರ್ಯಕ್ರಮ ವಿಜೃಂಭಣೆಯಿಂದ ನಡೆಯಿತು. ಈ ಸಂದರ್ಭದಲ್ಲಿ ಶ್ರೀರಾಮ ದೇವರಿಗೆ ರಜತ ಕವಚ ಸಮರ್ಪಿಸಲಾಯಿತು. ಶ್ರೀಗಳು ಧಾರ್ಮಿಕ ವಿಧಿವಿಧಾನಗಳನ್ನು ನೆರವೇರಿಸಿ ಭಕ್ತರನ್ನು ಆಶೀರ್ವದಿಸಿದರು. ಗುರು ರಾಘವೇಂದ್ರರ ಸೇವೆ ಮಾಡುವುದರಿಂದ ಜೀವನದಲ್ಲಿ ನೆಮ್ಮದಿ ದೊರೆಯುತ್ತದೆ. ಭಕ್ತರ ಸಹಕಾರದಿಂದ ಮಠದ ಅಭಿವೃದ್ಧಿ ಕಾರ್ಯಗಳು ನಡೆಯುತ್ತಿವೆ ಎಂದರು. ವೇದಘೋಷ, ಭಜನೆ, ಹೋಮ ಹವನಗಳು ಜರುಗಿದವು. ಸಾವಿರಾರು ಭಕ್ತರು ಪಾಲ್ಗೊಂಡು ಪ್ರಸಾದ ಸ್ವೀಕರಿಸಿದರು. ಸಂಜೆ ನೂತನ ರಥದಲ್ಲಿ ಉತ್ಸವ ಮೂರ್ತಿಯ ಮೆರವಣಿಗೆ ನಡೆಯಿತು. ಧರ್ಮಸಭೆಯಲ್ಲಿ ಹಲವು ಗಣ್ಯರು ಭಾಗವಹಿಸಿದ್ದರು. ಕಾರ್ಯಕ್ರಮಕ್ಕೆ ನೆರವು ನೀಡಿದ ದಾನಿಗಳನ್ನು ಗೌರವಿಸಲಾಯಿತು.
ಜಿಲ್ಲಾ ವಾಣಿಜ್ಯ ಮತ್ತು ಕೈಗಾರಿಕಾ ಸಂಘದಿಂದ ತೆರಿಗೆ ಆಯುಕ್ತರಿಗೆ ಮನವಿ
ಆದಾಯ ತೆರಿಗೆ ಸಂಬಂಧಿ ಸಮಸ್ಯೆ ಬಗೆಹರಿಸಿ
ಶಿವಮೊಗ್ಗ: ಆದಾಯ ತೆರಿಗೆಗೆ ಸಂಬಂಧಿಸಿದ ಸಮಸ್ಯೆಗಳನ್ನು ಪರಿಹರಿಸುವಂತೆ ಜಿಲ್ಲಾ ವಾಣಿಜ್ಯ ಮತ್ತು ಕೈಗಾರಿಕಾ ಸಂಘದ ವತಿಯಿಂದ ಆದಾಯ ತೆರಿಗೆ ಆಯುಕ್ತರಿಗೆ ಮನವಿ ಸಲ್ಲಿಸಲಾಯಿತು. ಸಂಘದ ಅಧ್ಯಕ್ಷರು ಮಾತನಾಡಿ, ಸಣ್ಣ ಮತ್ತು ಮಧ್ಯಮ ಉದ್ಯಮಿಗಳು ತೆರಿಗೆ ಪಾವತಿ ಪ್ರಕ್ರಿಯೆಯಲ್ಲಿ ಹಲವು ತೊಂದರೆ ಎದುರಿಸುತ್ತಿದ್ದಾರೆ. ನೋಟಿಸ್‌ಗಳ ಬಗ್ಗೆ ಸ್ಪಷ್ಟತೆ ಇಲ್ಲದಿರುವುದು ಹಾಗೂ ಮರುಪಾವತಿ ವಿಳಂಬವಾಗುತ್ತಿರುವುದು ಸಮಸ್ಯೆಯಾಗಿದೆ. ಜಿಲ್ಲೆಯಲ್ಲಿ ತೆರಿಗೆದಾರರ ಸಹಾಯ ಕೇಂದ್ರ ಆರಂಭಿಸಬೇಕು ಎಂದು ಒತ್ತಾಯಿಸಿದರು. ಆಯುಕ್ತರು ಮನವಿ ಸ್ವೀಕರಿಸಿ ಸಮಸ್ಯೆ ಪರಿಹಾರಕ್ಕೆ ಕ್ರಮ ಕೈಗೊಳ್ಳುವ ಭರವಸೆ ನೀಡಿದರು. ಸಂಘದ ಕಾರ್ಯದರ್ಶಿ, ಪದಾಧಿಕಾರಿಗಳು, ಲೆಕ್ಕ ಪರಿಶೋಧಕರು ಹಾಗೂ ಉದ್ಯಮಿಗಳು ಉಪಸ್ಥಿತರಿದ್ದರು. ತೆರಿಗೆ ಕುರಿತ ಜಾಗೃತಿ ಕಾರ್ಯಾಗಾರ ನಡೆಸುವ ಬಗ್ಗೆಯೂ ಚರ್ಚಿಸಲಾಯಿತು.
ಶಿವಮೊಗ್ಗ: ಆದಾಯ ತೆರಿಗೆಗೆ ಸಂಬಂಧಿಸಿದ ಸಮಸ್ಯೆಗಳನ್ನು ಪರಿಹರಿಸುವಂತೆ ಜಿಲ್ಲಾ ವಾಣಿಜ್ಯ ಮತ್ತು ಕೈಗಾರಿಕಾ ಸಂಘದ ವತಿಯಿಂದ ಆದಾಯ ತೆರಿಗೆ ಆಯುಕ್ತರಿಗೆ ಮನವಿ ಸಲ್ಲಿಸಲಾಯಿತು. ಸಂಘದ ಅಧ್ಯಕ್ಷರು ಮಾತನಾಡಿ, ಸಣ್ಣ ಮತ್ತು ಮಧ್ಯಮ ಉದ್ಯಮಿಗಳು ತೆರಿಗೆ ಪಾವತಿ ಪ್ರಕ್ರಿಯೆಯಲ್ಲಿ ಹಲವು ತೊಂದರೆ ಎದುರಿಸುತ್ತಿದ್ದಾರೆ. ನೋಟಿಸ್‌ಗಳ ಬಗ್ಗೆ ಸ್ಪಷ್ಟತೆ ಇಲ್ಲದಿರುವುದು ಹಾಗೂ ಮರುಪಾವತಿ ವಿಳಂಬವಾಗುತ್ತಿರುವುದು ಸಮಸ್ಯೆಯಾಗಿದೆ. ಜಿಲ್ಲೆಯಲ್ಲಿ ತೆರಿಗೆದಾರರ ಸಹಾಯ ಕೇಂದ್ರ ಆರಂಭಿಸಬೇಕು ಎಂದು ಒತ್ತಾಯಿಸಿದರು. ಆಯುಕ್ತರು ಮನವಿ ಸ್ವೀಕರಿಸಿ ಸಮಸ್ಯೆ ಪರಿಹಾರಕ್ಕೆ ಕ್ರಮ ಕೈಗೊಳ್ಳುವ ಭರವಸೆ ನೀಡಿದರು. ಸಂಘದ ಕಾರ್ಯದರ್ಶಿ, ಪದಾಧಿಕಾರಿಗಳು, ಲೆಕ್ಕ ಪರಿಶೋಧಕರು ಹಾಗೂ ಉದ್ಯಮಿಗಳು ಉಪಸ್ಥಿತರಿದ್ದರು. ತೆರಿಗೆ ಕುರಿತ ಜಾಗೃತಿ ಕಾರ್ಯಾಗಾರ ನಡೆಸುವ ಬಗ್ಗೆಯೂ ಚರ್ಚಿಸಲಾಯಿತು.
